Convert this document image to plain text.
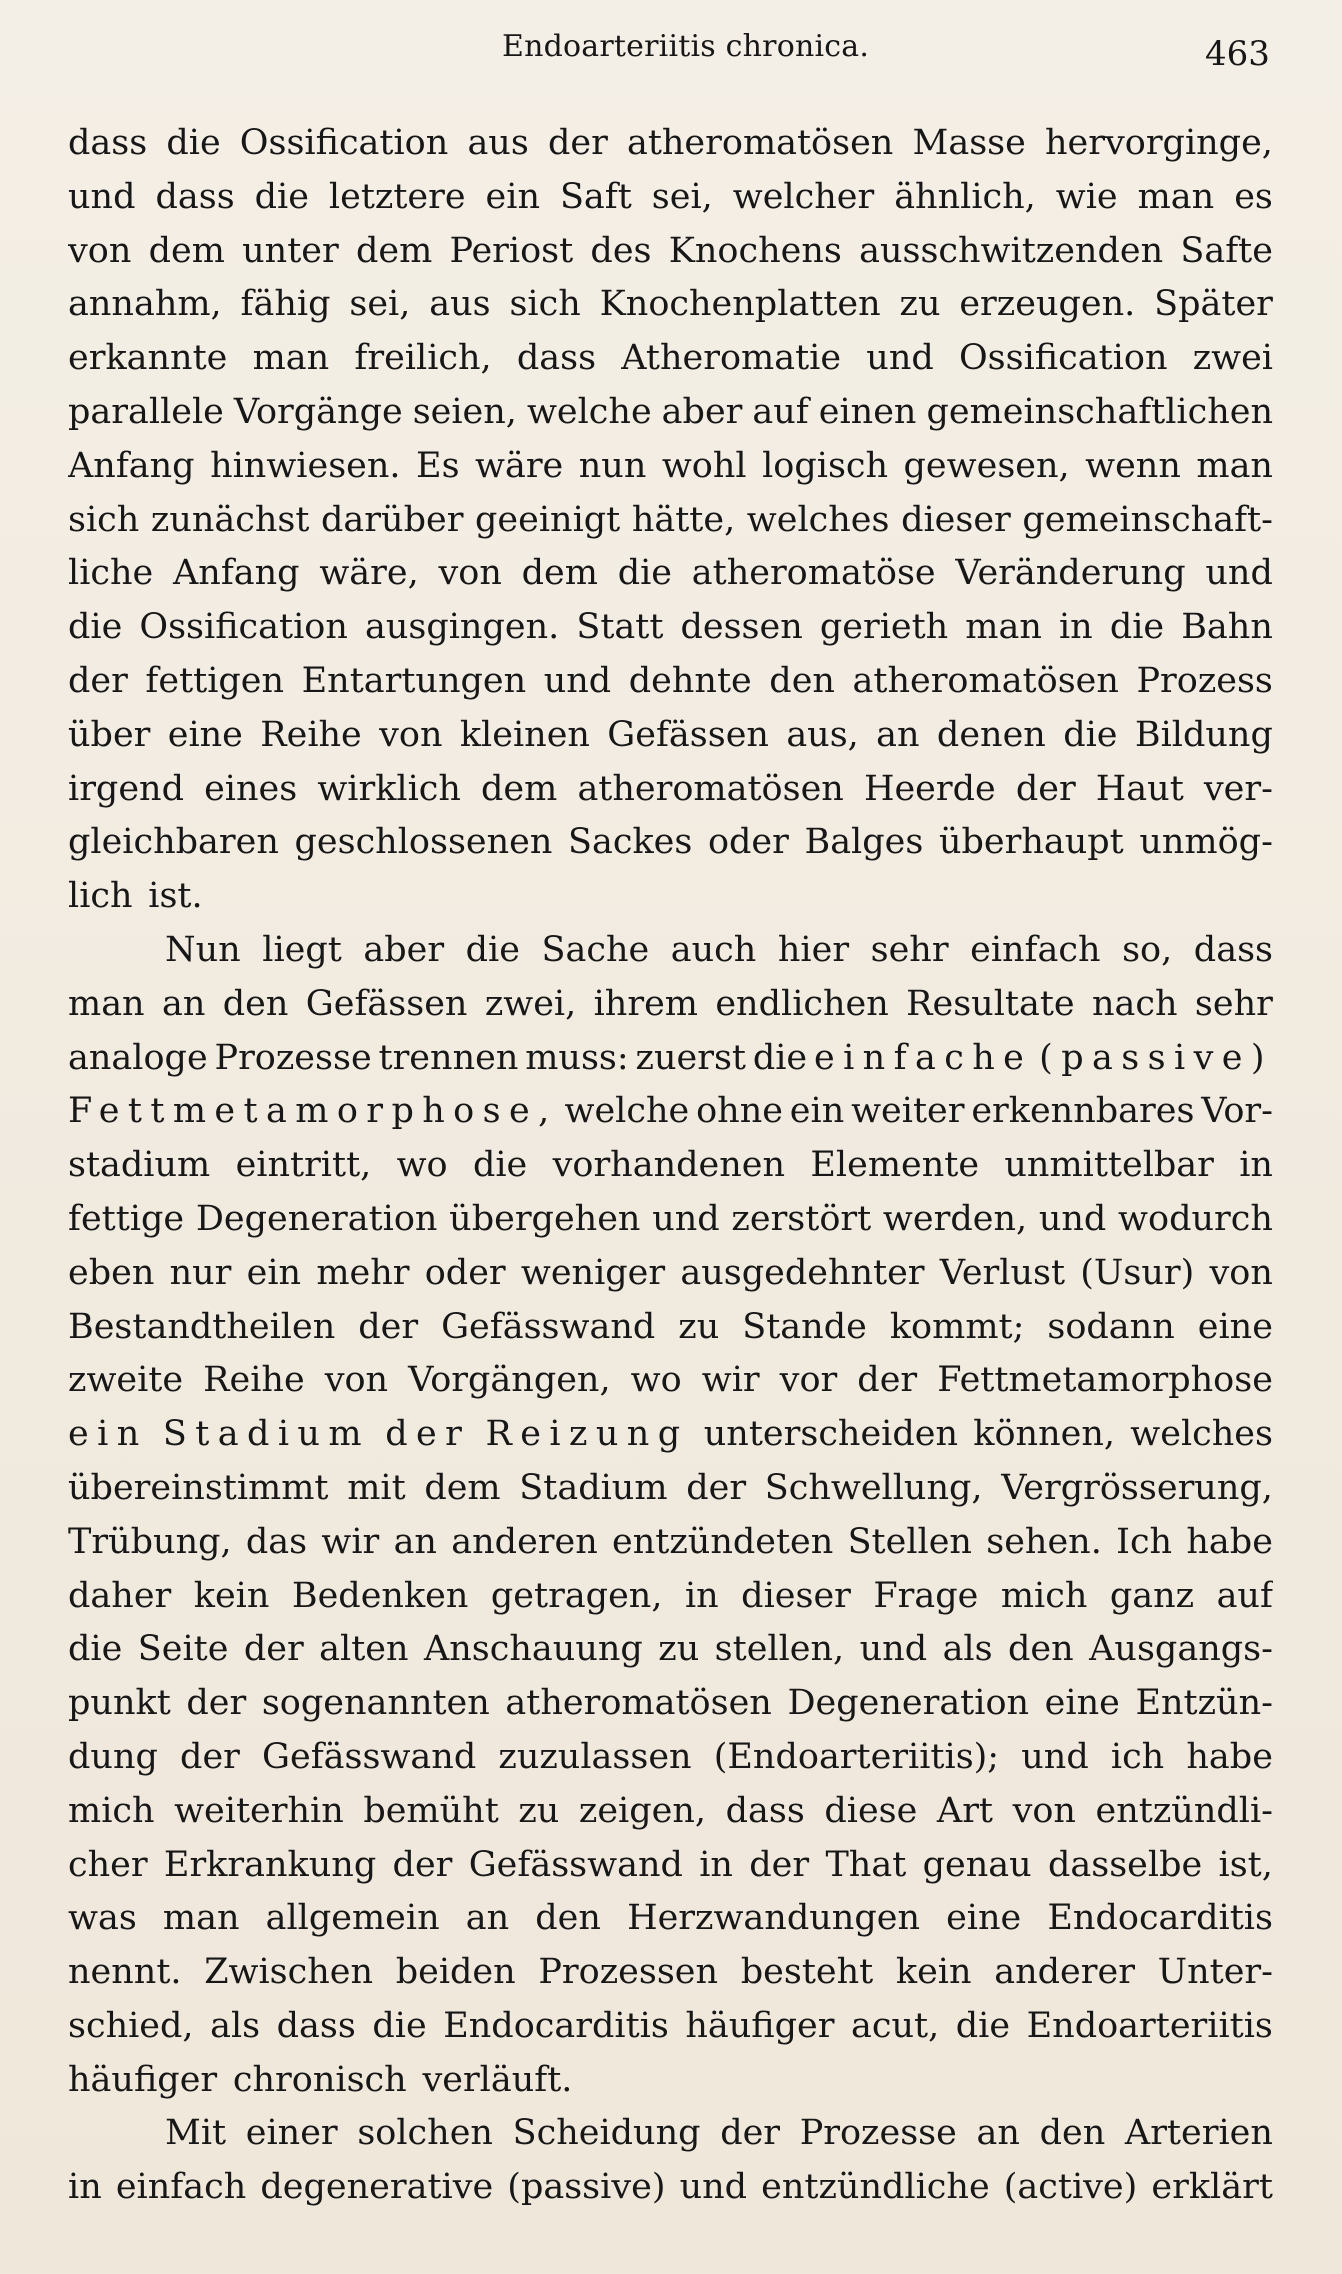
Endoarteriitis chronica.	463
dass die Ossification aus der atheromatösen Masse hervorginge,
und dass die letztere ein Saft sei, welcher ähnlich, wie man es
von dem unter dem Periost des Knochens ausschwitzenden Safte
annahm, fähig sei, aus sich Knochenplatten zu erzeugen. Später
erkannte man freilich, dass Atheromatie und Ossification zwei
parallele Vorgänge seien, welche aber auf einen gemeinschaftlichen
Anfang hinwiesen. Es wäre nun wohl logisch gewesen, wenn man
sich zunächst darüber geeinigt hätte, welches dieser gemeinschaft-
liche Anfang wäre, von dem die atheromatöse Veränderung und
die Ossification ausgingen. Statt dessen gerieth man in die Bahn
der fettigen Entartungen und dehnte den atheromatösen Prozess
über eine Reihe von kleinen Gefässen aus, an denen die Bildung
irgend eines wirklich dem atheromatösen Heerde der Haut ver-
gleichbaren geschlossenen Sackes oder Balges überhaupt unmög-
lich ist.
Nun liegt aber die Sache auch hier sehr einfach so, dass
man an den Gefässen zwei, ihrem endlichen Resultate nach sehr
analoge Prozesse trennen muss: zuerst die einfache (passive)
Fettmetamorphose, welche ohne ein weiter erkennbares Vor-
stadium eintritt, wo die vorhandenen Elemente unmittelbar in
fettige Degeneration übergehen und zerstört werden, und wodurch
eben nur ein mehr oder weniger ausgedehnter Verlust (Usur) von
Bestandtheilen der Gefässwand zu Stande kommt; sodann eine
zweite Reihe von Vorgängen, wo wir vor der Fettmetamorphose
ein Stadium der Reizung unterscheiden können, welches
übereinstimmt mit dem Stadium der Schwellung, Vergrösserung,
Trübung, das wir an anderen entzündeten Stellen sehen. Ich habe
daher kein Bedenken getragen, in dieser Frage mich ganz auf
die Seite der alten Anschauung zu stellen, und als den Ausgangs-
punkt der sogenannten atheromatösen Degeneration eine Entzün-
dung der Gefässwand zuzulassen (Endoarteriitis); und ich habe
mich weiterhin bemüht zu zeigen, dass diese Art von entzündli-
cher Erkrankung der Gefässwand in der That genau dasselbe ist,
was man allgemein an den Herzwandungen eine Endocarditis
nennt. Zwischen beiden Prozessen besteht kein anderer Unter-
schied, als dass die Endocarditis häufiger acut, die Endoarteriitis
häufiger chronisch verläuft.
Mit einer solchen Scheidung der Prozesse an den Arterien
in einfach degenerative (passive) und entzündliche (active) erklärt
